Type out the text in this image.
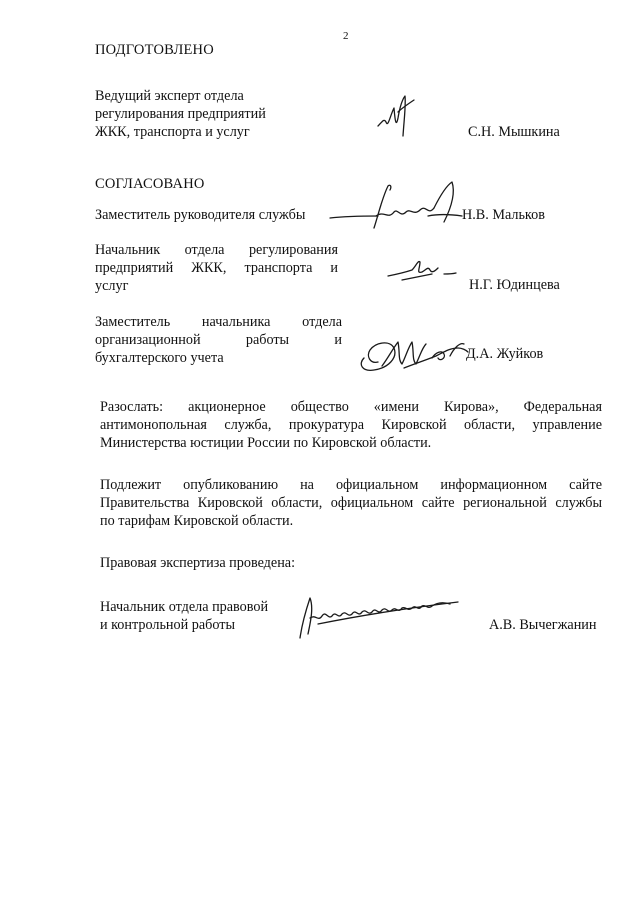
2
ПОДГОТОВЛЕНО
Ведущий эксперт отдела
регулирования предприятий
ЖКК, транспорта и услуг	С.Н. Мышкина
СОГЛАСОВАНО
Заместитель руководителя службы	Н.В. Мальков
Начальник отдела регулирования
предприятий ЖКК, транспорта и
услуг	Н.Г. Юдинцева
Заместитель начальника отдела
организационной работы и
бухгалтерского учета	Д.А. Жуйков
Разослать: акционерное общество «имени Кирова», Федеральная
антимонопольная служба, прокуратура Кировской области, управление
Министерства юстиции России по Кировской области.
Подлежит опубликованию на официальном информационном сайте
Правительства Кировской области, официальном сайте региональной службы
по тарифам Кировской области.
Правовая экспертиза проведена:
Начальник отдела правовой
и контрольной работы	А.В. Вычегжанин
